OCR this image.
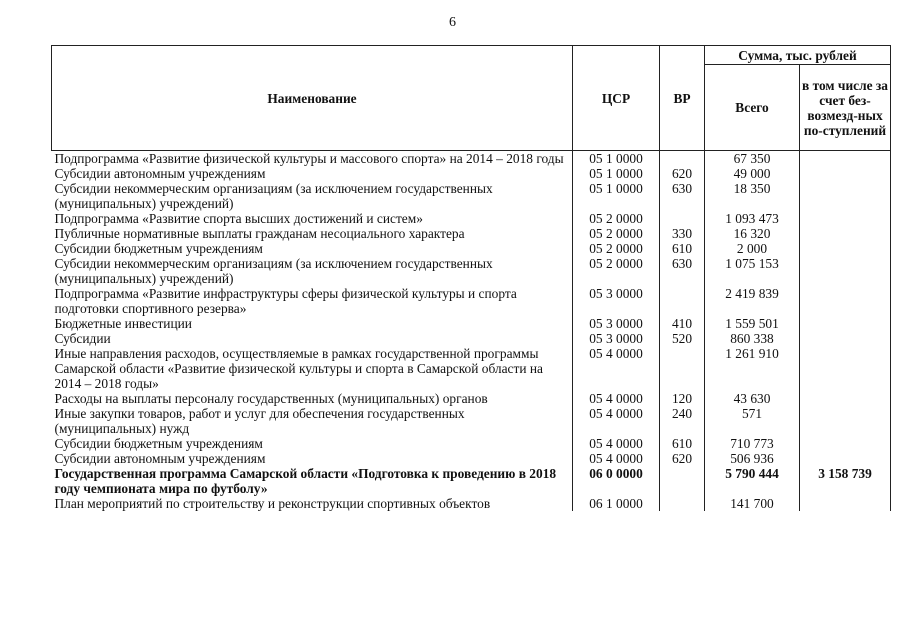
6
Наименование	ЦСР	ВР	Сумма, тыс. рублей	
			Всего	в том числе за счет без-возмезд-ных по-ступлений
Подпрограмма «Развитие физической культуры и массового спорта» на 2014 – 2018 годы	05 1 0000		67 350	
Субсидии автономным учреждениям	05 1 0000	620	49 000	
Субсидии некоммерческим организациям (за исключением государственных (муниципальных) учреждений)	05 1 0000	630	18 350	
Подпрограмма «Развитие спорта высших достижений и систем»	05 2 0000		1 093 473	
Публичные нормативные выплаты гражданам несоциального характера	05 2 0000	330	16 320	
Субсидии бюджетным учреждениям	05 2 0000	610	2 000	
Субсидии некоммерческим организациям (за исключением государственных (муниципальных) учреждений)	05 2 0000	630	1 075 153	
Подпрограмма «Развитие инфраструктуры сферы физической культуры и спорта подготовки спортивного резерва»	05 3 0000		2 419 839	
Бюджетные инвестиции	05 3 0000	410	1 559 501	
Субсидии	05 3 0000	520	860 338	
Иные направления расходов, осуществляемые в рамках государственной программы Самарской области «Развитие физической культуры и спорта в Самарской области на 2014 – 2018 годы»	05 4 0000		1 261 910	
Расходы на выплаты персоналу государственных (муниципальных) органов	05 4 0000	120	43 630	
Иные закупки товаров, работ и услуг для обеспечения государственных (муниципальных) нужд	05 4 0000	240	571	
Субсидии бюджетным учреждениям	05 4 0000	610	710 773	
Субсидии автономным учреждениям	05 4 0000	620	506 936	
Государственная программа Самарской области «Подготовка к проведению в 2018 году чемпионата мира по футболу»	06 0 0000		5 790 444	3 158 739
План мероприятий по строительству и реконструкции спортивных объектов	06 1 0000		141 700	
